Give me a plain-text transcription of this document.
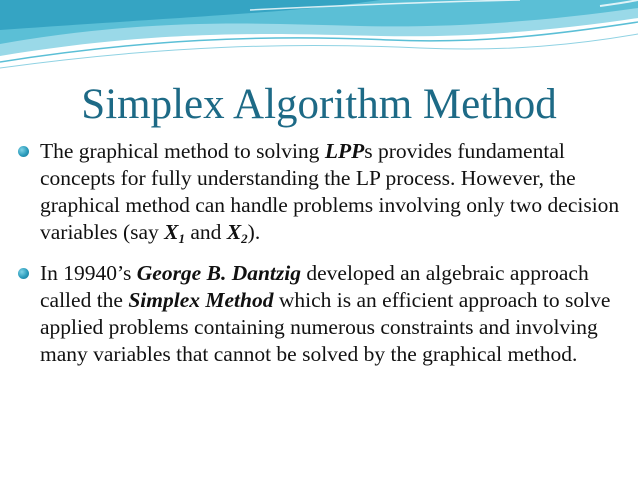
Simplex Algorithm Method
The graphical method to solving LPPs provides fundamental concepts for fully understanding the LP process. However, the graphical method can handle problems involving only two decision variables (say $X_1$ and $X_2$).
In 19940’s George B. Dantzig developed an algebraic approach called the Simplex Method which is an efficient approach to solve applied problems containing numerous constraints and involving many variables that cannot be solved by the graphical method.
